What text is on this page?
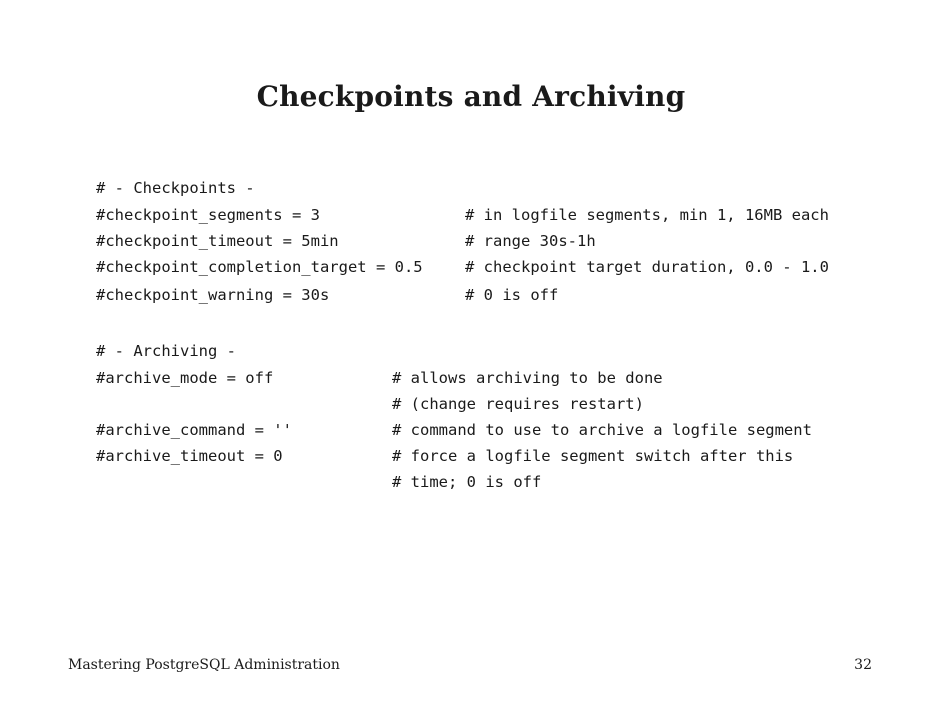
Checkpoints and Archiving
# - Checkpoints -
#checkpoint_segments = 3	# in logfile segments, min 1, 16MB each
#checkpoint_timeout = 5min	# range 30s-1h
#checkpoint_completion_target = 0.5	# checkpoint target duration, 0.0 - 1.0
#checkpoint_warning = 30s	# 0 is off
# - Archiving -
#archive_mode = off	# allows archiving to be done
# (change requires restart)
#archive_command = ''	# command to use to archive a logfile segment
#archive_timeout = 0	# force a logfile segment switch after this
# time; 0 is off
Mastering PostgreSQL Administration	32
